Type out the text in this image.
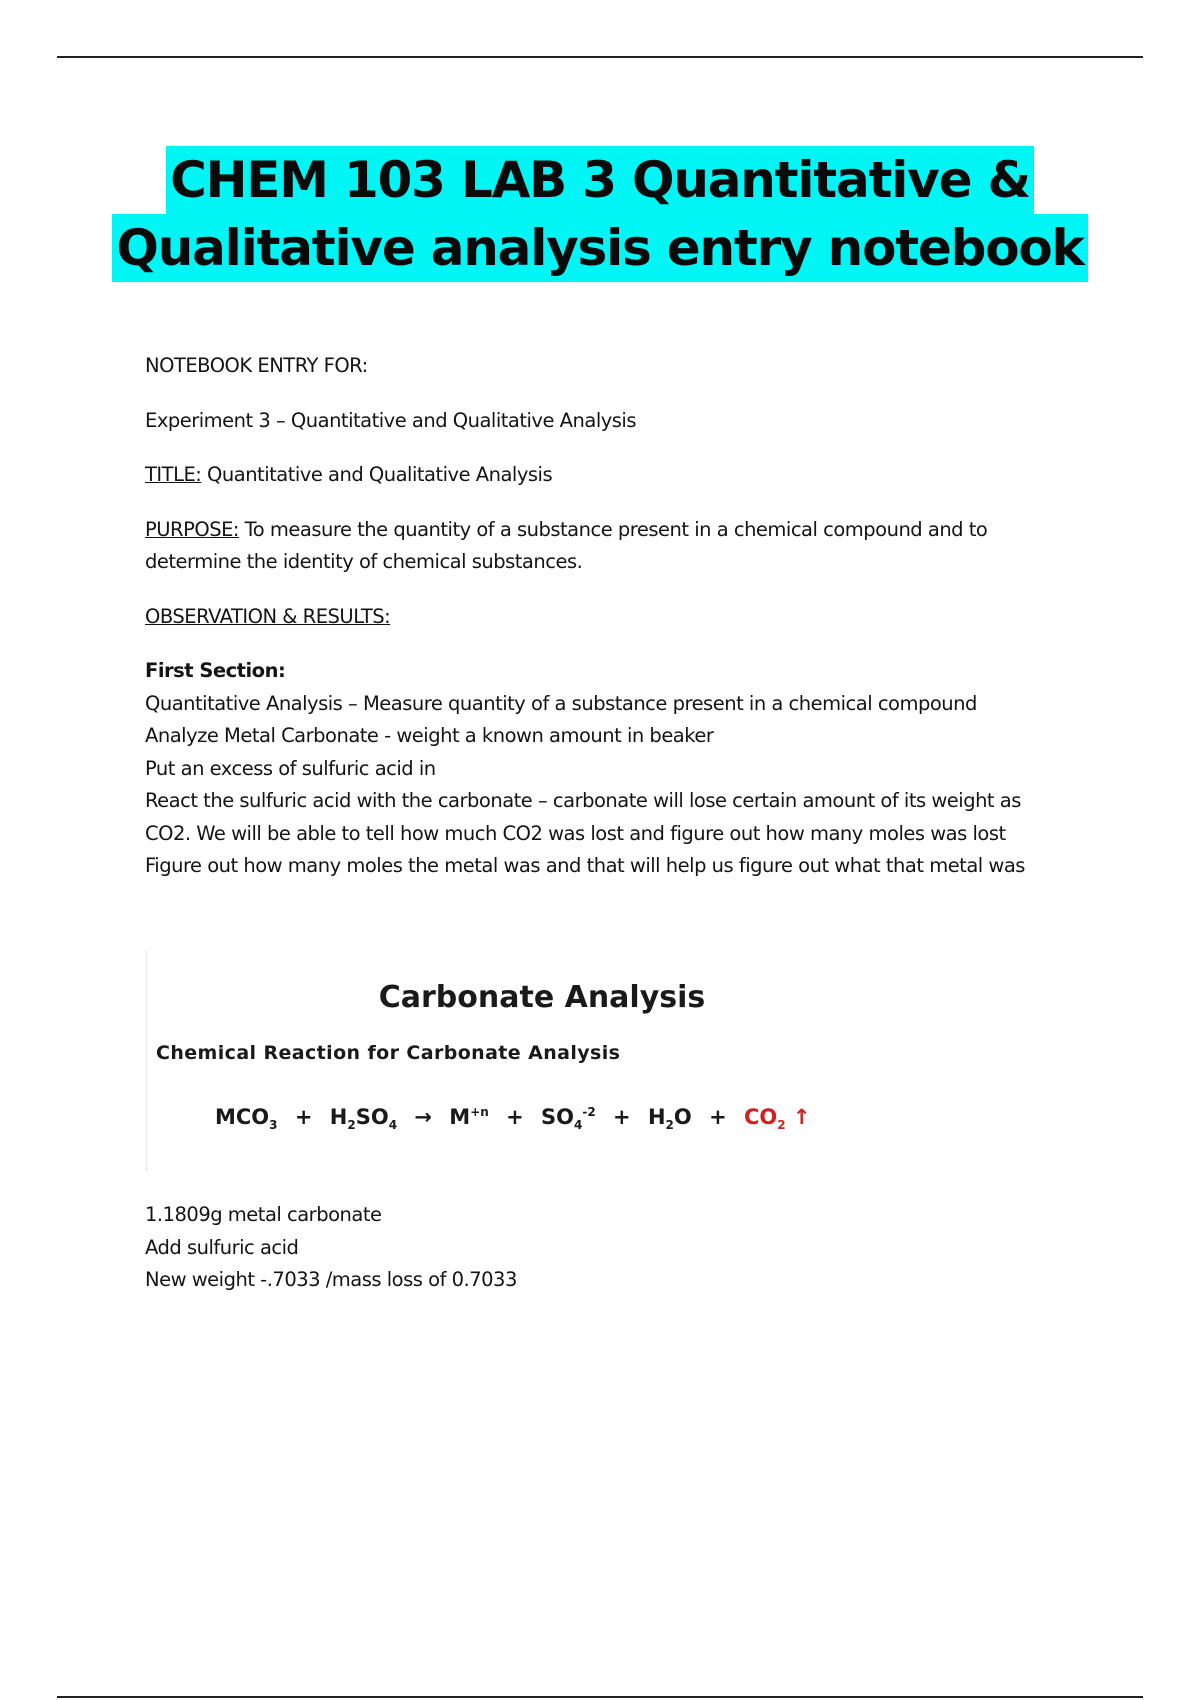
CHEM 103 LAB 3 Quantitative &
Qualitative analysis entry notebook

NOTEBOOK ENTRY FOR:

Experiment 3 – Quantitative and Qualitative Analysis

TITLE: Quantitative and Qualitative Analysis

PURPOSE: To measure the quantity of a substance present in a chemical compound and to determine the identity of chemical substances.

OBSERVATION & RESULTS:

First Section:

Quantitative Analysis – Measure quantity of a substance present in a chemical compound
Analyze Metal Carbonate - weight a known amount in beaker
Put an excess of sulfuric acid in
React the sulfuric acid with the carbonate – carbonate will lose certain amount of its weight as
CO2. We will be able to tell how much CO2 was lost and figure out how many moles was lost
Figure out how many moles the metal was and that will help us figure out what that metal was
Carbonate Analysis
Chemical Reaction for Carbonate Analysis
$MCO_3 + H_2SO_4 \to M^{+n} + SO_4^{-2} + H_2O + CO_2$ ↑
1.1809g metal carbonate
Add sulfuric acid
New weight -.7033 /mass loss of 0.7033
